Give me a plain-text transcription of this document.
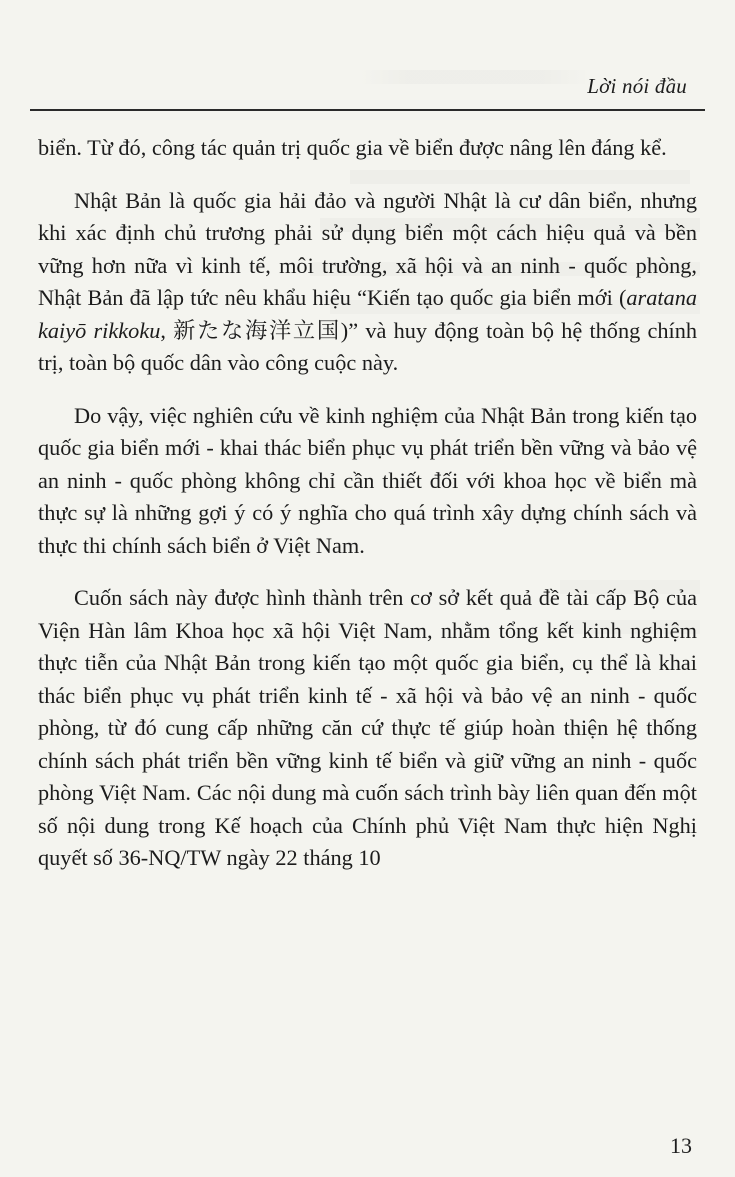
Lời nói đầu

biển. Từ đó, công tác quản trị quốc gia về biển được nâng lên đáng kể.

Nhật Bản là quốc gia hải đảo và người Nhật là cư dân biển, nhưng khi xác định chủ trương phải sử dụng biển một cách hiệu quả và bền vững hơn nữa vì kinh tế, môi trường, xã hội và an ninh - quốc phòng, Nhật Bản đã lập tức nêu khẩu hiệu “Kiến tạo quốc gia biển mới (aratana kaiyō rikkoku, 新たな海洋立国)” và huy động toàn bộ hệ thống chính trị, toàn bộ quốc dân vào công cuộc này.

Do vậy, việc nghiên cứu về kinh nghiệm của Nhật Bản trong kiến tạo quốc gia biển mới - khai thác biển phục vụ phát triển bền vững và bảo vệ an ninh - quốc phòng không chỉ cần thiết đối với khoa học về biển mà thực sự là những gợi ý có ý nghĩa cho quá trình xây dựng chính sách và thực thi chính sách biển ở Việt Nam.

Cuốn sách này được hình thành trên cơ sở kết quả đề tài cấp Bộ của Viện Hàn lâm Khoa học xã hội Việt Nam, nhằm tổng kết kinh nghiệm thực tiễn của Nhật Bản trong kiến tạo một quốc gia biển, cụ thể là khai thác biển phục vụ phát triển kinh tế - xã hội và bảo vệ an ninh - quốc phòng, từ đó cung cấp những căn cứ thực tế giúp hoàn thiện hệ thống chính sách phát triển bền vững kinh tế biển và giữ vững an ninh - quốc phòng Việt Nam. Các nội dung mà cuốn sách trình bày liên quan đến một số nội dung trong Kế hoạch của Chính phủ Việt Nam thực hiện Nghị quyết số 36-NQ/TW ngày 22 tháng 10

13
